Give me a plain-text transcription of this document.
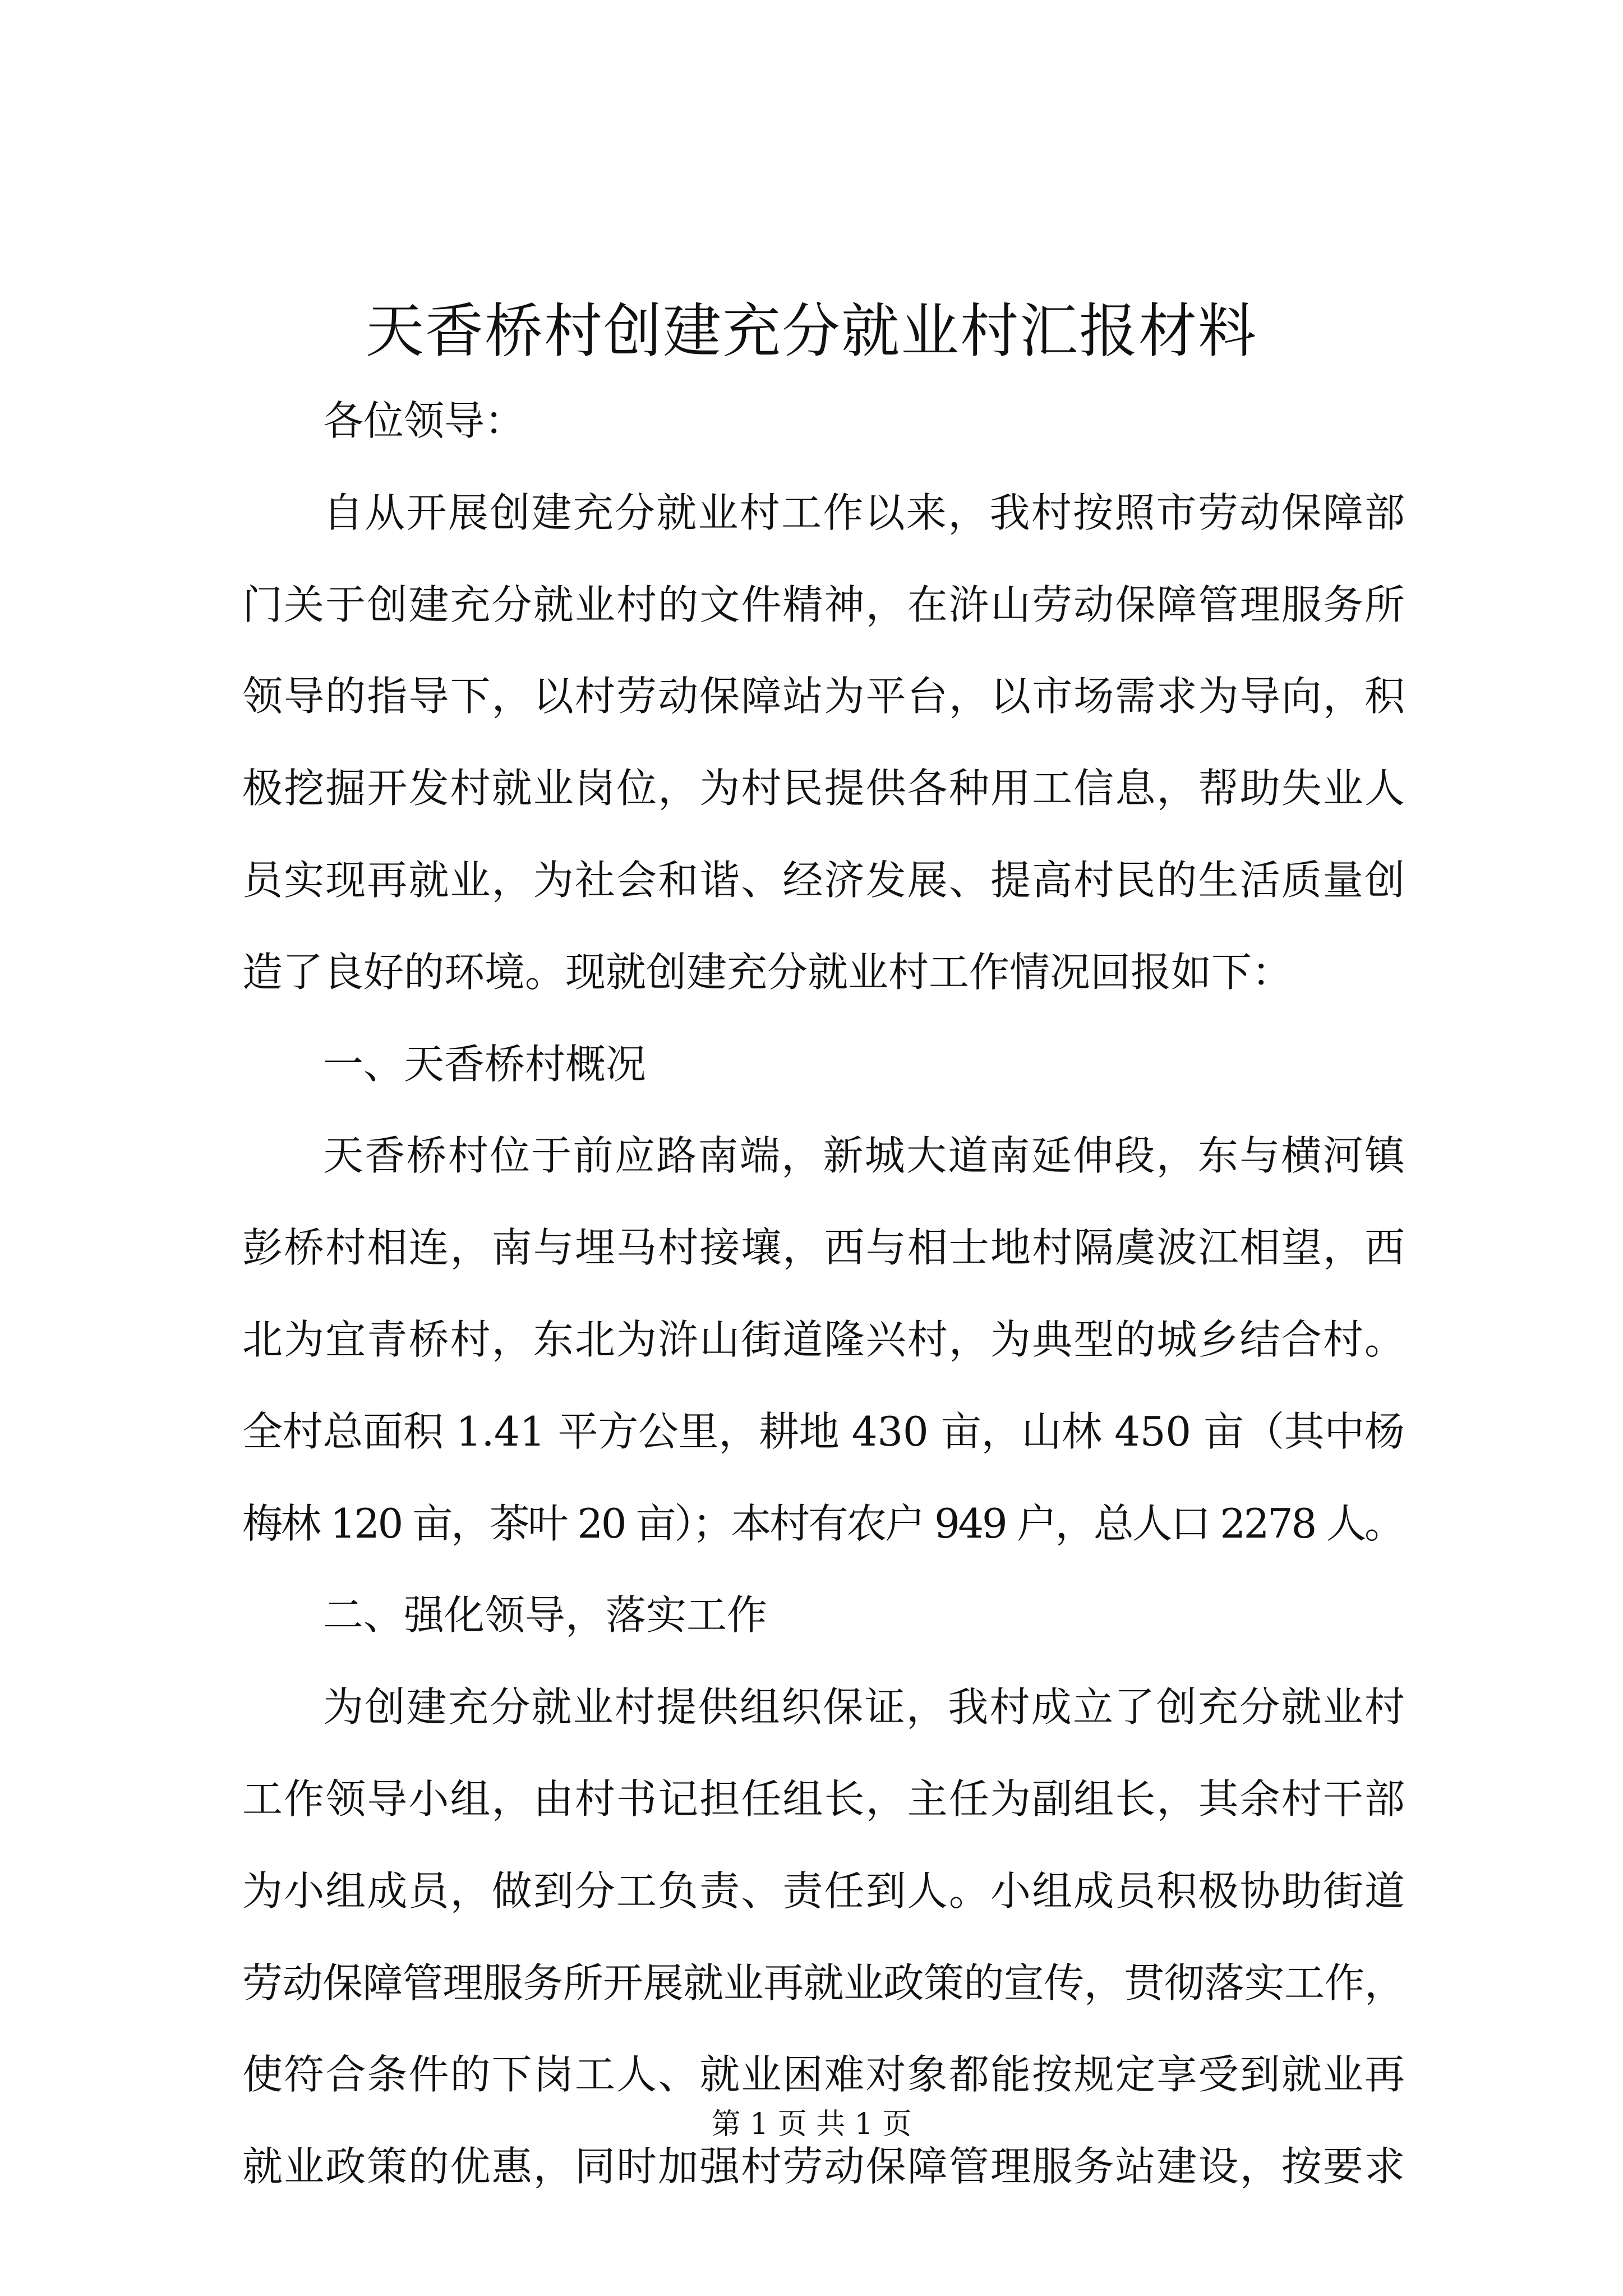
天香桥村创建充分就业村汇报材料
各位领导：
自从开展创建充分就业村工作以来，我村按照市劳动保障部
门关于创建充分就业村的文件精神，在浒山劳动保障管理服务所
领导的指导下，以村劳动保障站为平台，以市场需求为导向，积
极挖掘开发村就业岗位，为村民提供各种用工信息，帮助失业人
员实现再就业，为社会和谐、经济发展、提高村民的生活质量创
造了良好的环境。现就创建充分就业村工作情况回报如下：
一、天香桥村概况
天香桥村位于前应路南端，新城大道南延伸段，东与横河镇
彭桥村相连，南与埋马村接壤，西与相士地村隔虞波江相望，西
北为宜青桥村，东北为浒山街道隆兴村，为典型的城乡结合村。
全村总面积 1.41 平方公里，耕地 430 亩，山林 450 亩（其中杨
梅林 120 亩，茶叶 20 亩）；本村有农户 949 户，总人口 2278 人。
二、强化领导，落实工作
为创建充分就业村提供组织保证，我村成立了创充分就业村
工作领导小组，由村书记担任组长，主任为副组长，其余村干部
为小组成员，做到分工负责、责任到人。小组成员积极协助街道
劳动保障管理服务所开展就业再就业政策的宣传，贯彻落实工作，
使符合条件的下岗工人、就业困难对象都能按规定享受到就业再
就业政策的优惠，同时加强村劳动保障管理服务站建设，按要求
第 1 页 共 1 页
